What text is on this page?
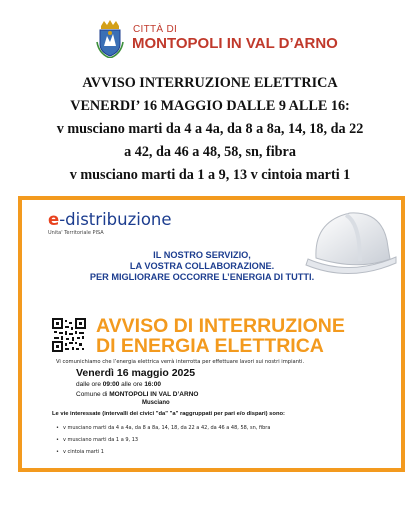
CITTÀ DI
MONTOPOLI IN VAL D’ARNO
AVVISO INTERRUZIONE ELETTRICA
VENERDI’ 16 MAGGIO DALLE 9 ALLE 16:
v musciano marti da 4 a 4a, da 8 a 8a, 14, 18, da 22
a 42, da 46 a 48, 58, sn, fibra
v musciano marti da 1 a 9, 13 v cintoia marti 1
e-distribuzione
Unita' Territoriale PISA
IL NOSTRO SERVIZIO,
LA VOSTRA COLLABORAZIONE.
PER MIGLIORARE OCCORRE L’ENERGIA DI TUTTI.
AVVISO DI INTERRUZIONE
DI ENERGIA ELETTRICA
Vi comunichiamo che l’energia elettrica verrà interrotta per effettuare lavori sui nostri impianti.
Venerdì 16 maggio 2025
dalle ore 09:00 alle ore 16:00
Comune di MONTOPOLI IN VAL D’ARNO
Musciano
Le vie interessate (intervalli dei civici "da" "a" raggruppati per pari e/o dispari) sono:
• v musciano marti da 4 a 4a, da 8 a 8a, 14, 18, da 22 a 42, da 46 a 48, 58, sn, fibra
• v musciano marti da 1 a 9, 13
• v cintoia marti 1
